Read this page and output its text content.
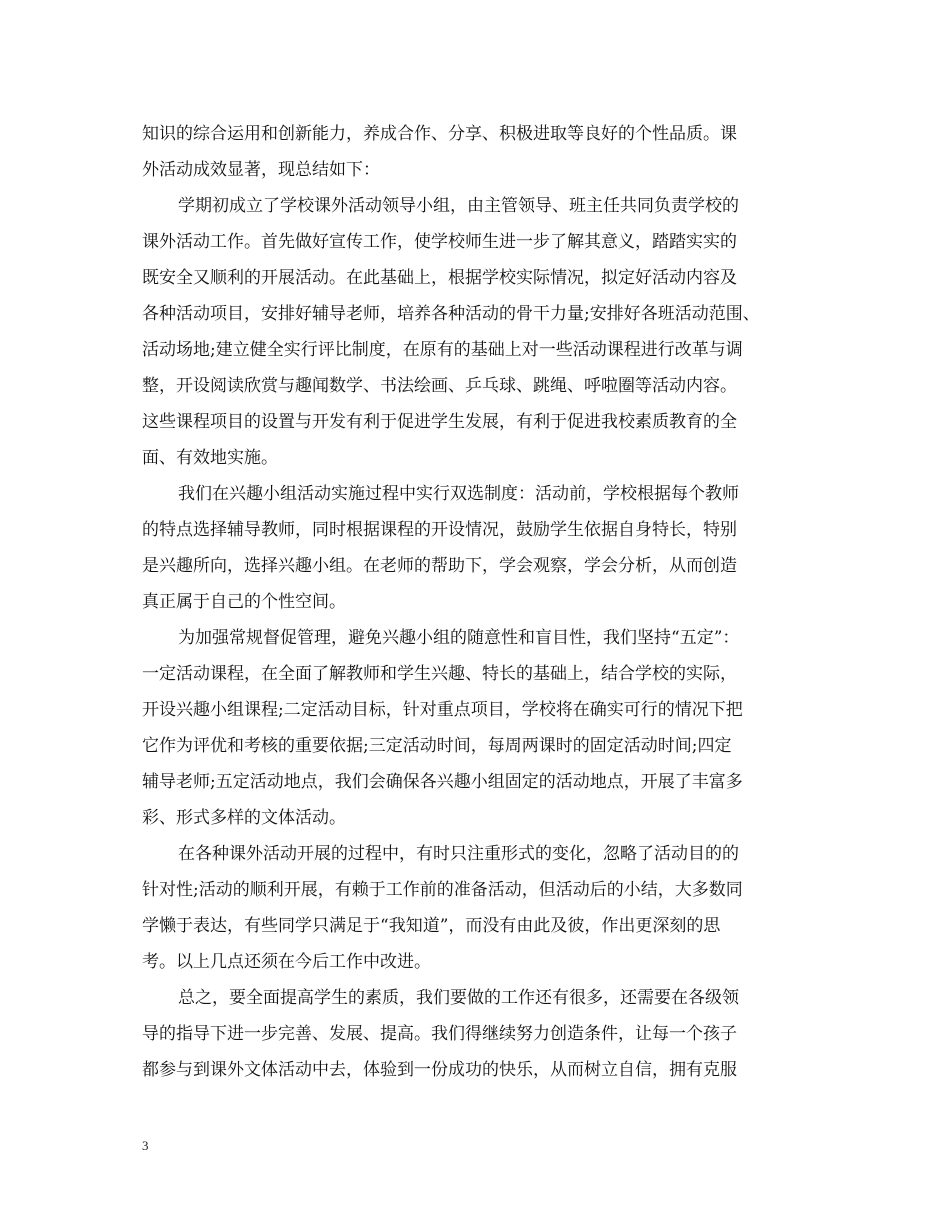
知识的综合运用和创新能力，养成合作、分享、积极进取等良好的个性品质。课
外活动成效显著，现总结如下：
学期初成立了学校课外活动领导小组，由主管领导、班主任共同负责学校的
课外活动工作。首先做好宣传工作，使学校师生进一步了解其意义，踏踏实实的
既安全又顺利的开展活动。在此基础上，根据学校实际情况，拟定好活动内容及
各种活动项目，安排好辅导老师，培养各种活动的骨干力量;安排好各班活动范围、
活动场地;建立健全实行评比制度，在原有的基础上对一些活动课程进行改革与调
整，开设阅读欣赏与趣闻数学、书法绘画、乒乓球、跳绳、呼啦圈等活动内容。
这些课程项目的设置与开发有利于促进学生发展，有利于促进我校素质教育的全
面、有效地实施。
我们在兴趣小组活动实施过程中实行双选制度：活动前，学校根据每个教师
的特点选择辅导教师，同时根据课程的开设情况，鼓励学生依据自身特长，特别
是兴趣所向，选择兴趣小组。在老师的帮助下，学会观察，学会分析，从而创造
真正属于自己的个性空间。
为加强常规督促管理，避免兴趣小组的随意性和盲目性，我们坚持“五定”：
一定活动课程，在全面了解教师和学生兴趣、特长的基础上，结合学校的实际，
开设兴趣小组课程;二定活动目标，针对重点项目，学校将在确实可行的情况下把
它作为评优和考核的重要依据;三定活动时间，每周两课时的固定活动时间;四定
辅导老师;五定活动地点，我们会确保各兴趣小组固定的活动地点，开展了丰富多
彩、形式多样的文体活动。
在各种课外活动开展的过程中，有时只注重形式的变化，忽略了活动目的的
针对性;活动的顺利开展，有赖于工作前的准备活动，但活动后的小结，大多数同
学懒于表达，有些同学只满足于“我知道”，而没有由此及彼，作出更深刻的思
考。以上几点还须在今后工作中改进。
总之，要全面提高学生的素质，我们要做的工作还有很多，还需要在各级领
导的指导下进一步完善、发展、提高。我们得继续努力创造条件，让每一个孩子
都参与到课外文体活动中去，体验到一份成功的快乐，从而树立自信，拥有克服
3
